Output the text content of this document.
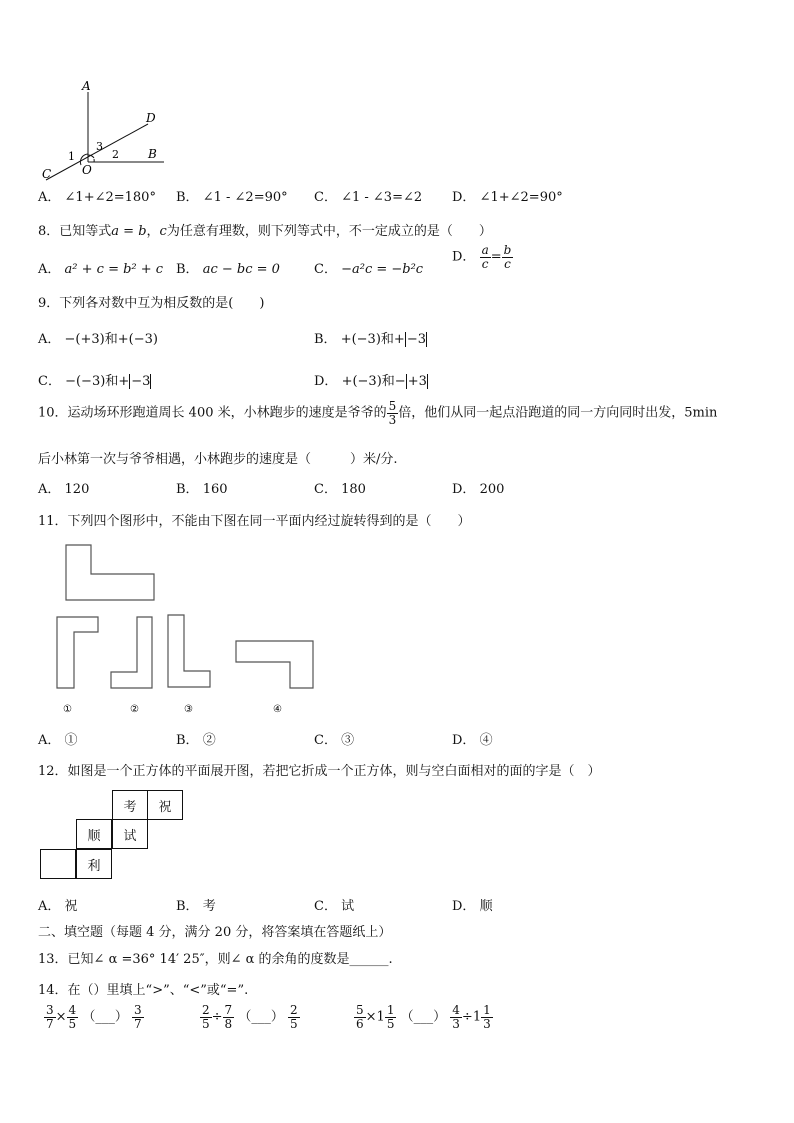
A
D
B
C	O
1	2
3
A． ∠1+∠2=180° B． ∠1 - ∠2=90° C． ∠1 - ∠3=∠2 D． ∠1+∠2=90°
8．已知等式a = b，c为任意有理数，则下列等式中，不一定成立的是（　　）
A． a² + c = b² + c B． ac − bc = 0	C． −a²c = −b²c
D． $\frac{a}{c} = \frac{b}{c}$
9．下列各对数中互为相反数的是(　　)
A． −(+3)和+(−3)	B． +(−3)和+ −3
C． −(−3)和+ −3	D． +(−3)和− +3
10．运动场环形跑道周长 400 米，小林跑步的速度是爷爷的 $\frac{5}{3}$ 倍，他们从同一起点沿跑道的同一方向同时出发，5min
后小林第一次与爷爷相遇，小林跑步的速度是（　　　）米/分.
A． 120	B． 160	C． 180	D． 200
11．下列四个图形中，不能由下图在同一平面内经过旋转得到的是（　　）
①	②	③	④
A． ①	B． ②	C． ③	D． ④
12．如图是一个正方体的平面展开图，若把它折成一个正方体，则与空白面相对的面的字是（　）
考	祝
顺	试
利
A． 祝	B． 考	C． 试	D． 顺
二、填空题（每题 4 分，满分 20 分，将答案填在答题纸上）
13．已知∠ α =36° 14′ 25″，则∠ α 的余角的度数是______.
14．在（）里填上“>”、“<”或“=”.
$\frac{3}{7} \times \frac{4}{5}$ （___） $\frac{3}{7}$	$\frac{2}{5} \div \frac{7}{8}$ （___） $\frac{2}{5}$	$\frac{5}{6} \times 1 \frac{1}{5}$ （___） $\frac{4}{3} \div 1 \frac{1}{3}$
